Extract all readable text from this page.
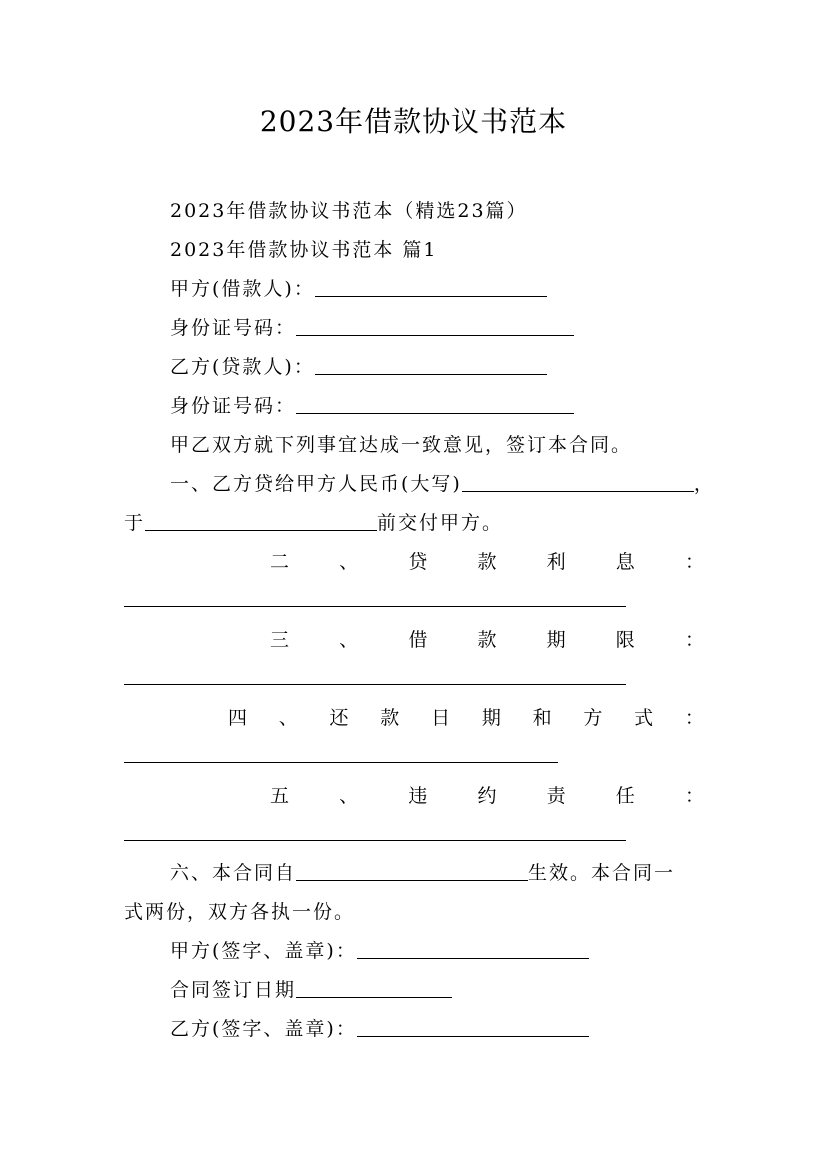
2023年借款协议书范本
2023年借款协议书范本（精选23篇）
2023年借款协议书范本 篇1
甲方(借款人)：
身份证号码：
乙方(贷款人)：
身份证号码：
甲乙双方就下列事宜达成一致意见，签订本合同。
一、乙方贷给甲方人民币(大写)	，
于	前交付甲方。
二	、	贷	款	利	息	：
三	、	借	款	期	限	：
四 、 还 款 日 期 和 方 式 ：
五	、	违	约	责	任	：
六、本合同自	生效。本合同一
式两份，双方各执一份。
甲方(签字、盖章)：
合同签订日期
乙方(签字、盖章)：
